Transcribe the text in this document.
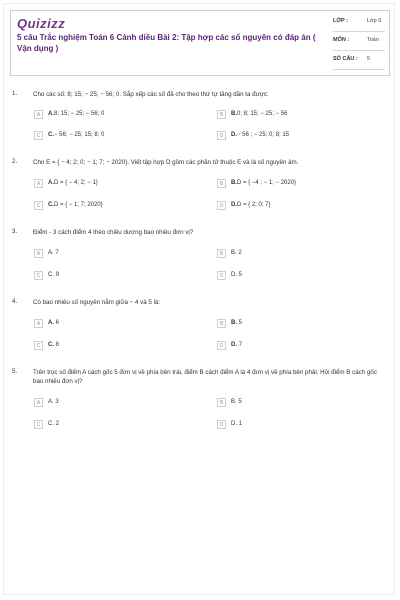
Quizizz
5 câu Trắc nghiệm Toán 6 Cánh diều Bài 2: Tập hợp các số nguyên có đáp án ( Vận dụng )
LỚP :	Lớp 6
MÔN :	Toán
SỐ CÂU : 5
1.	Cho các số: 8; 15; − 25; − 56; 0. Sắp xếp các số đã cho theo thứ tự tăng dần ta được:
A	A.8; 15; − 25; − 56; 0	B	B.0; 8; 15; − 25; − 56
C	C.− 56; − 25; 15; 8; 0	D	D.− 56 ; − 25; 0; 8; 15
2.	Cho E = { − 4; 2; 0; − 1; 7; − 2020}. Viết tập hợp D gồm các phần tử thuộc E và là số nguyên âm.
A	A.D = { − 4; 2; − 1}	B	B.D = { −4 ; − 1; − 2020}
C	C.D = { − 1; 7; 2020}	D	D.D = { 2; 0; 7}
3.	Điểm - 3 cách điểm 4 theo chiều dương bao nhiêu đơn vị?
A	A. 7	B	B. 2
C	C. 9	D	D. 5
4.	Có bao nhiêu số nguyên nằm giữa − 4 và 5 là:
A	A. 6	B	B. 5
C	C. 8	D	D. 7
5.	Trên trục số điểm A cách gốc 5 đơn vị về phía bên trái, điểm B cách điểm A là 4 đơn vị về phía bên phải. Hỏi điểm B cách gốc bao nhiêu đơn vị?
A	A. 3	B	B. 5
C	C. 2	D	D. 1
